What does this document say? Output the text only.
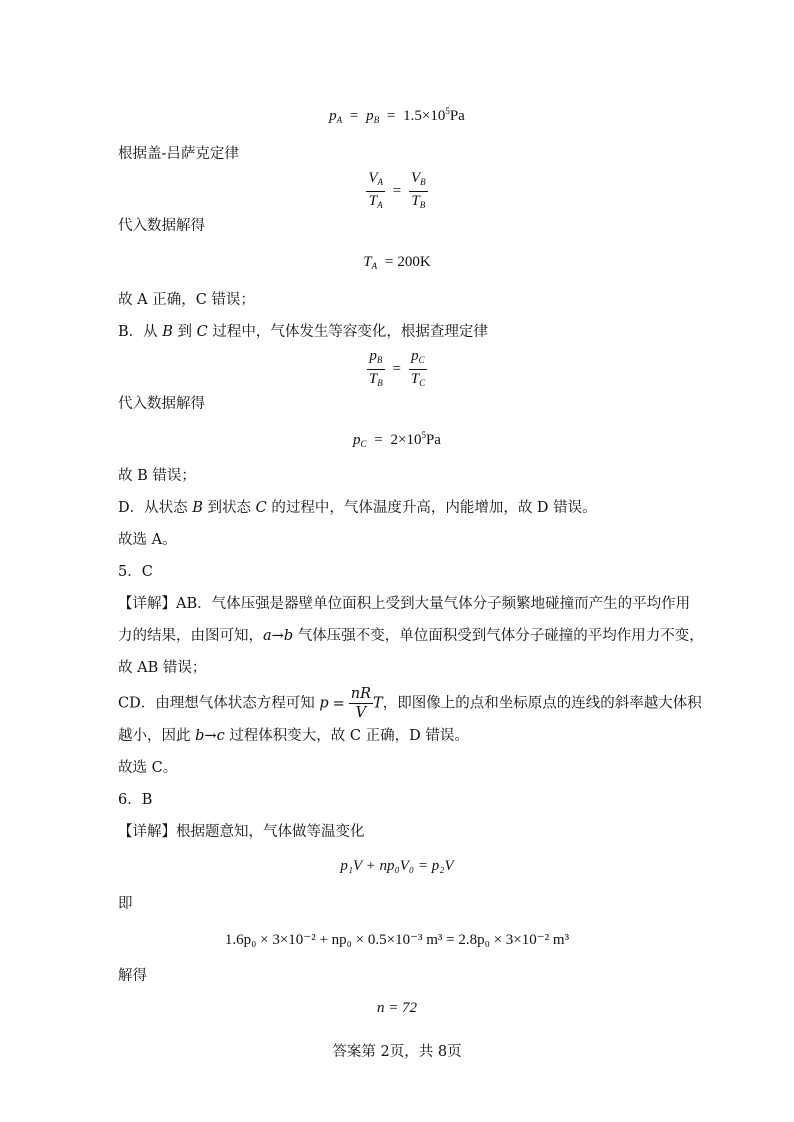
$p_A = p_B = 1.5\times 10^5Pa$
根据盖-吕萨克定律
$\frac{V_A}{T_A} = \frac{V_B}{T_B}$
代入数据解得
$T_A = 200K$
故 A 正确，C 错误；
B．从 B 到 C 过程中，气体发生等容变化，根据查理定律
$\frac{p_B}{T_B} = \frac{p_C}{T_C}$
代入数据解得
$p_C = 2\times 10^5Pa$
故 B 错误；
D．从状态 B 到状态 C 的过程中，气体温度升高，内能增加，故 D 错误。
故选 A。
5．C
【详解】AB．气体压强是器壁单位面积上受到大量气体分子频繁地碰撞而产生的平均作用
力的结果，由图可知，a→b 气体压强不变，单位面积受到气体分子碰撞的平均作用力不变，
故 AB 错误；
CD．由理想气体状态方程可知 $p = \frac{nR}{V}$ T，即图像上的点和坐标原点的连线的斜率越大体积
越小，因此 b→c 过程体积变大，故 C 正确，D 错误。
故选 C。
6．B
【详解】根据题意知，气体做等温变化
p₁V + np₀V₀ = p₂V
即
1.6p₀ × 3×10⁻² + np₀ × 0.5×10⁻³ m³ = 2.8p₀ × 3×10⁻² m³
解得
n = 72
答案第 2页，共 8页
